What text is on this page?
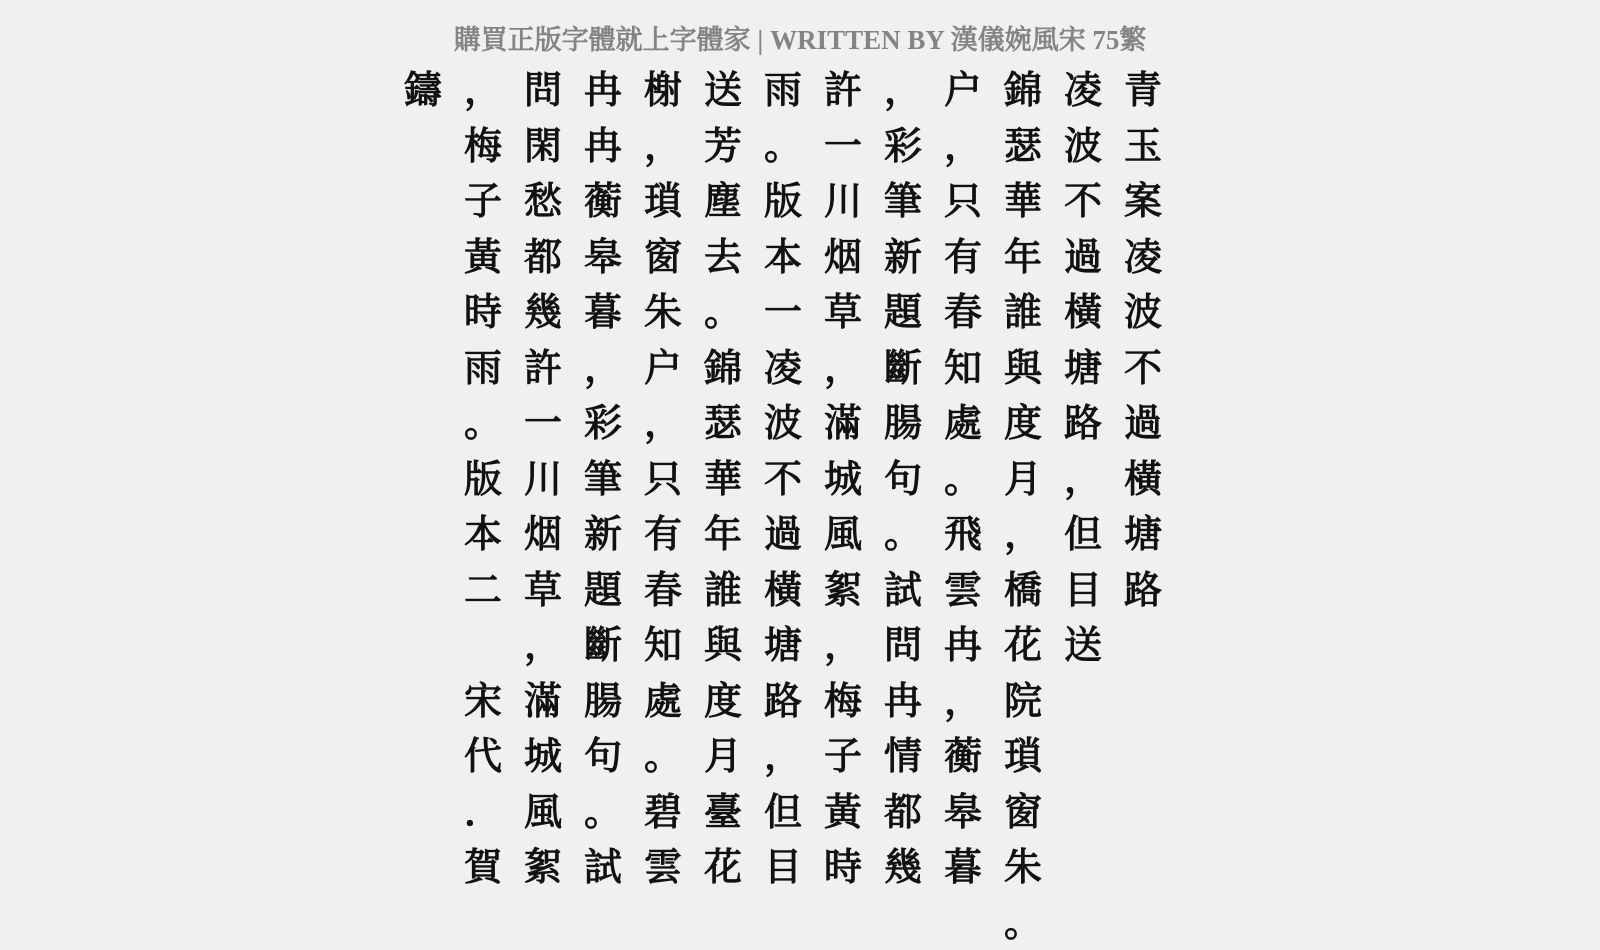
購買正版字體就上字體家 | WRITTEN BY 漢儀婉風宋 75繁
青
玉
案
凌
波
不
過
橫
塘
路
凌
波
不
過
橫
塘
路
，
但
目
送
錦
瑟
華
年
誰
與
度
月
，
橋
花
院
瑣
窗
朱
。
户
，
只
有
春
知
處
。
飛
雲
冉
，
蘅
皋
暮
，
彩
筆
新
題
斷
腸
句
。
試
問
冉
情
都
幾
許
一
川
烟
草
，
滿
城
風
絮
，
梅
子
黃
時
雨
。
版
本
一
凌
波
不
過
橫
塘
路
，
但
目
送
芳
塵
去
。
錦
瑟
華
年
誰
與
度
月
臺
花
榭
，
瑣
窗
朱
户
，
只
有
春
知
處
。
碧
雲
冉
冉
蘅
皋
暮
，
彩
筆
新
題
斷
腸
句
。
試
問
閑
愁
都
幾
許
一
川
烟
草
，
滿
城
風
絮
，
梅
子
黃
時
雨
。
版
本
二
宋
代
．
賀
鑄
